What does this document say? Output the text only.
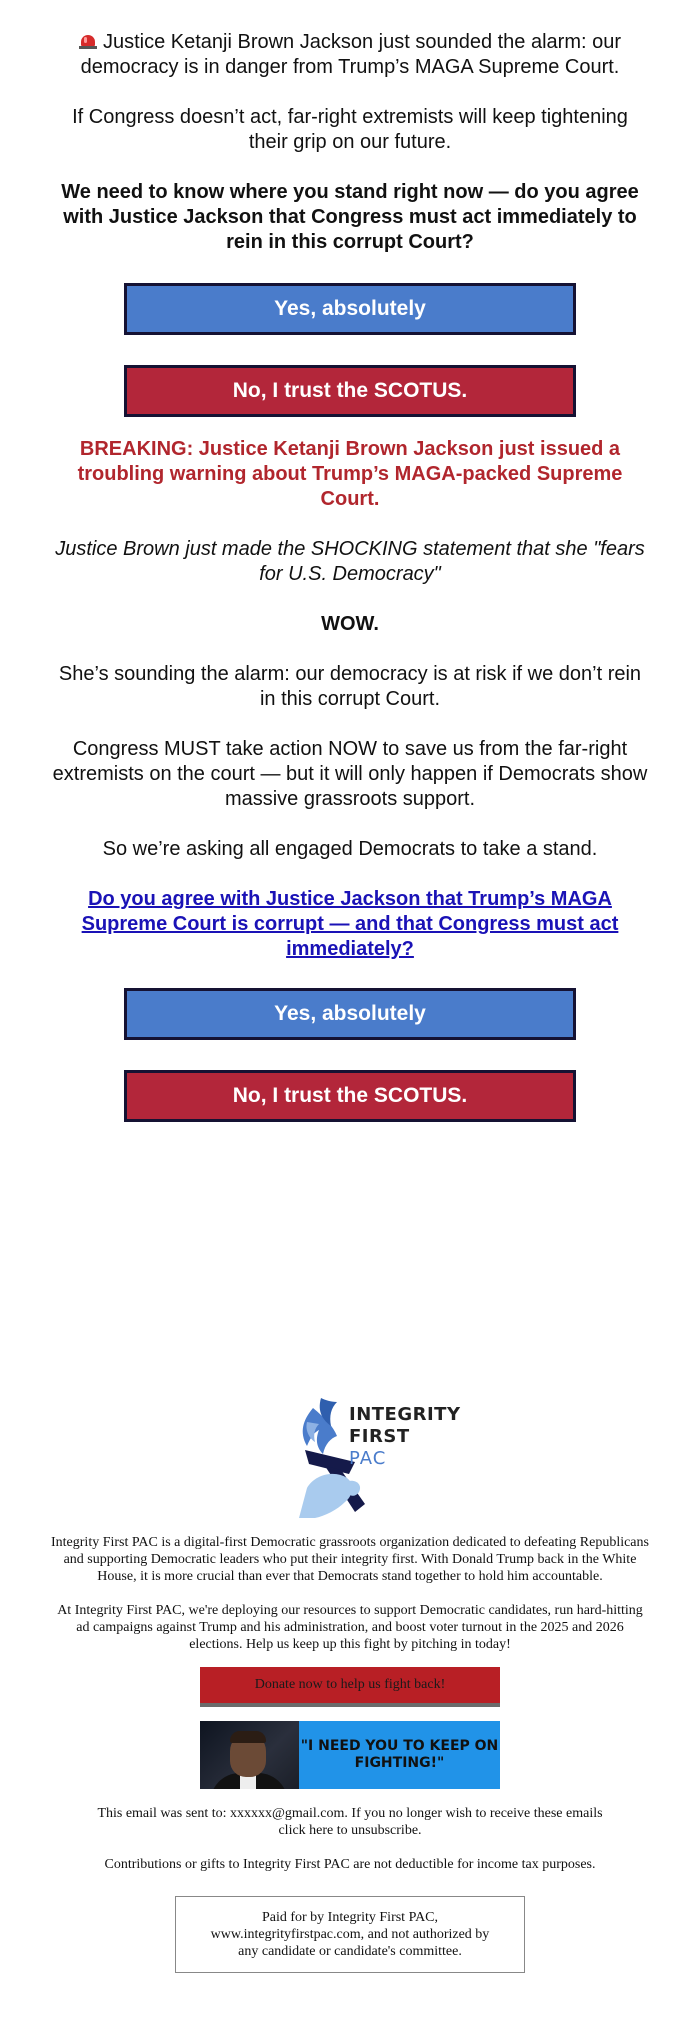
Justice Ketanji Brown Jackson just sounded the alarm: our democracy is in danger from Trump’s MAGA Supreme Court.

If Congress doesn’t act, far-right extremists will keep tightening their grip on our future.

We need to know where you stand right now — do you agree with Justice Jackson that Congress must act immediately to rein in this corrupt Court?

Yes, absolutely
No, I trust the SCOTUS.

BREAKING: Justice Ketanji Brown Jackson just issued a troubling warning about Trump’s MAGA-packed Supreme Court.

Justice Brown just made the SHOCKING statement that she "fears for U.S. Democracy"

WOW.

She’s sounding the alarm: our democracy is at risk if we don’t rein in this corrupt Court.

Congress MUST take action NOW to save us from the far-right extremists on the court — but it will only happen if Democrats show massive grassroots support.

So we’re asking all engaged Democrats to take a stand.

Do you agree with Justice Jackson that Trump’s MAGA Supreme Court is corrupt — and that Congress must act immediately?
Yes, absolutely
No, I trust the SCOTUS.
INTEGRITY
FIRST
PAC

Integrity First PAC is a digital-first Democratic grassroots organization dedicated to defeating Republicans and supporting Democratic leaders who put their integrity first. With Donald Trump back in the White House, it is more crucial than ever that Democrats stand together to hold him accountable.

At Integrity First PAC, we're deploying our resources to support Democratic candidates, run hard-hitting ad campaigns against Trump and his administration, and boost voter turnout in the 2025 and 2026 elections. Help us keep up this fight by pitching in today!

Donate now to help us fight back!
"I NEED YOU TO KEEP ON
FIGHTING!"

This email was sent to: xxxxxx@gmail.com. If you no longer wish to receive these emails
click here to unsubscribe.

Contributions or gifts to Integrity First PAC are not deductible for income tax purposes.

Paid for by Integrity First PAC,
www.integrityfirstpac.com, and not authorized by
any candidate or candidate's committee.
